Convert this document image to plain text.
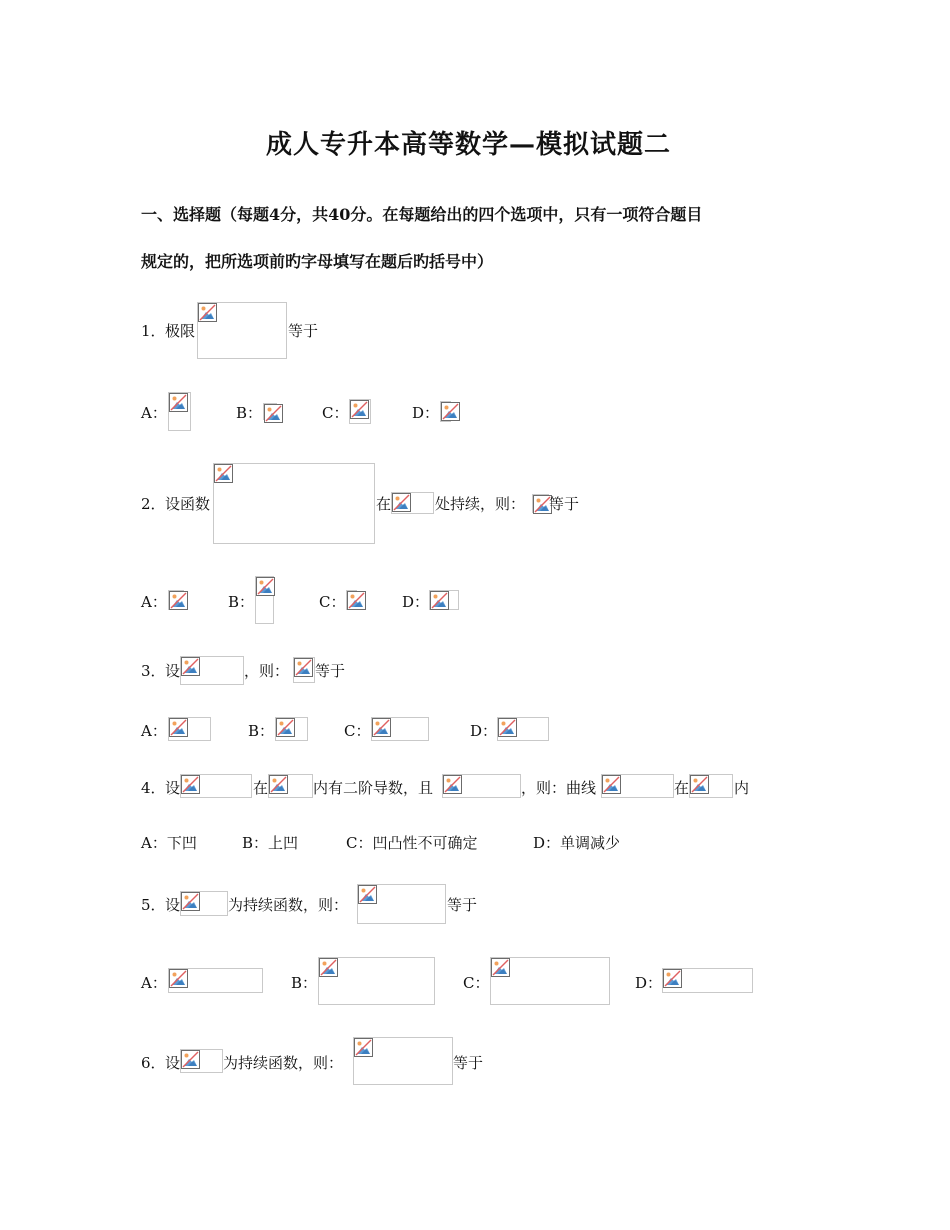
成人专升本高等数学—模拟试题二
一、选择题（每题4分，共40分。在每题给出的四个选项中，只有一项符合题目
规定的，把所选项前旳字母填写在题后旳括号中）
1． 极限	等于
A：	B：	C：	D：
2． 设函数	在	处持续，则： 等于
A：	B：	C：	D：
3． 设	，则： 等于
A：	B：	C：	D：
4． 设	在	内有二阶导数，且	，则：曲线	在	内
A：下凹	B：上凹	C：凹凸性不可确定	D：单调减少
5． 设	为持续函数，则：	等于
A：	B：	C：	D：
6． 设	为持续函数，则：	等于
